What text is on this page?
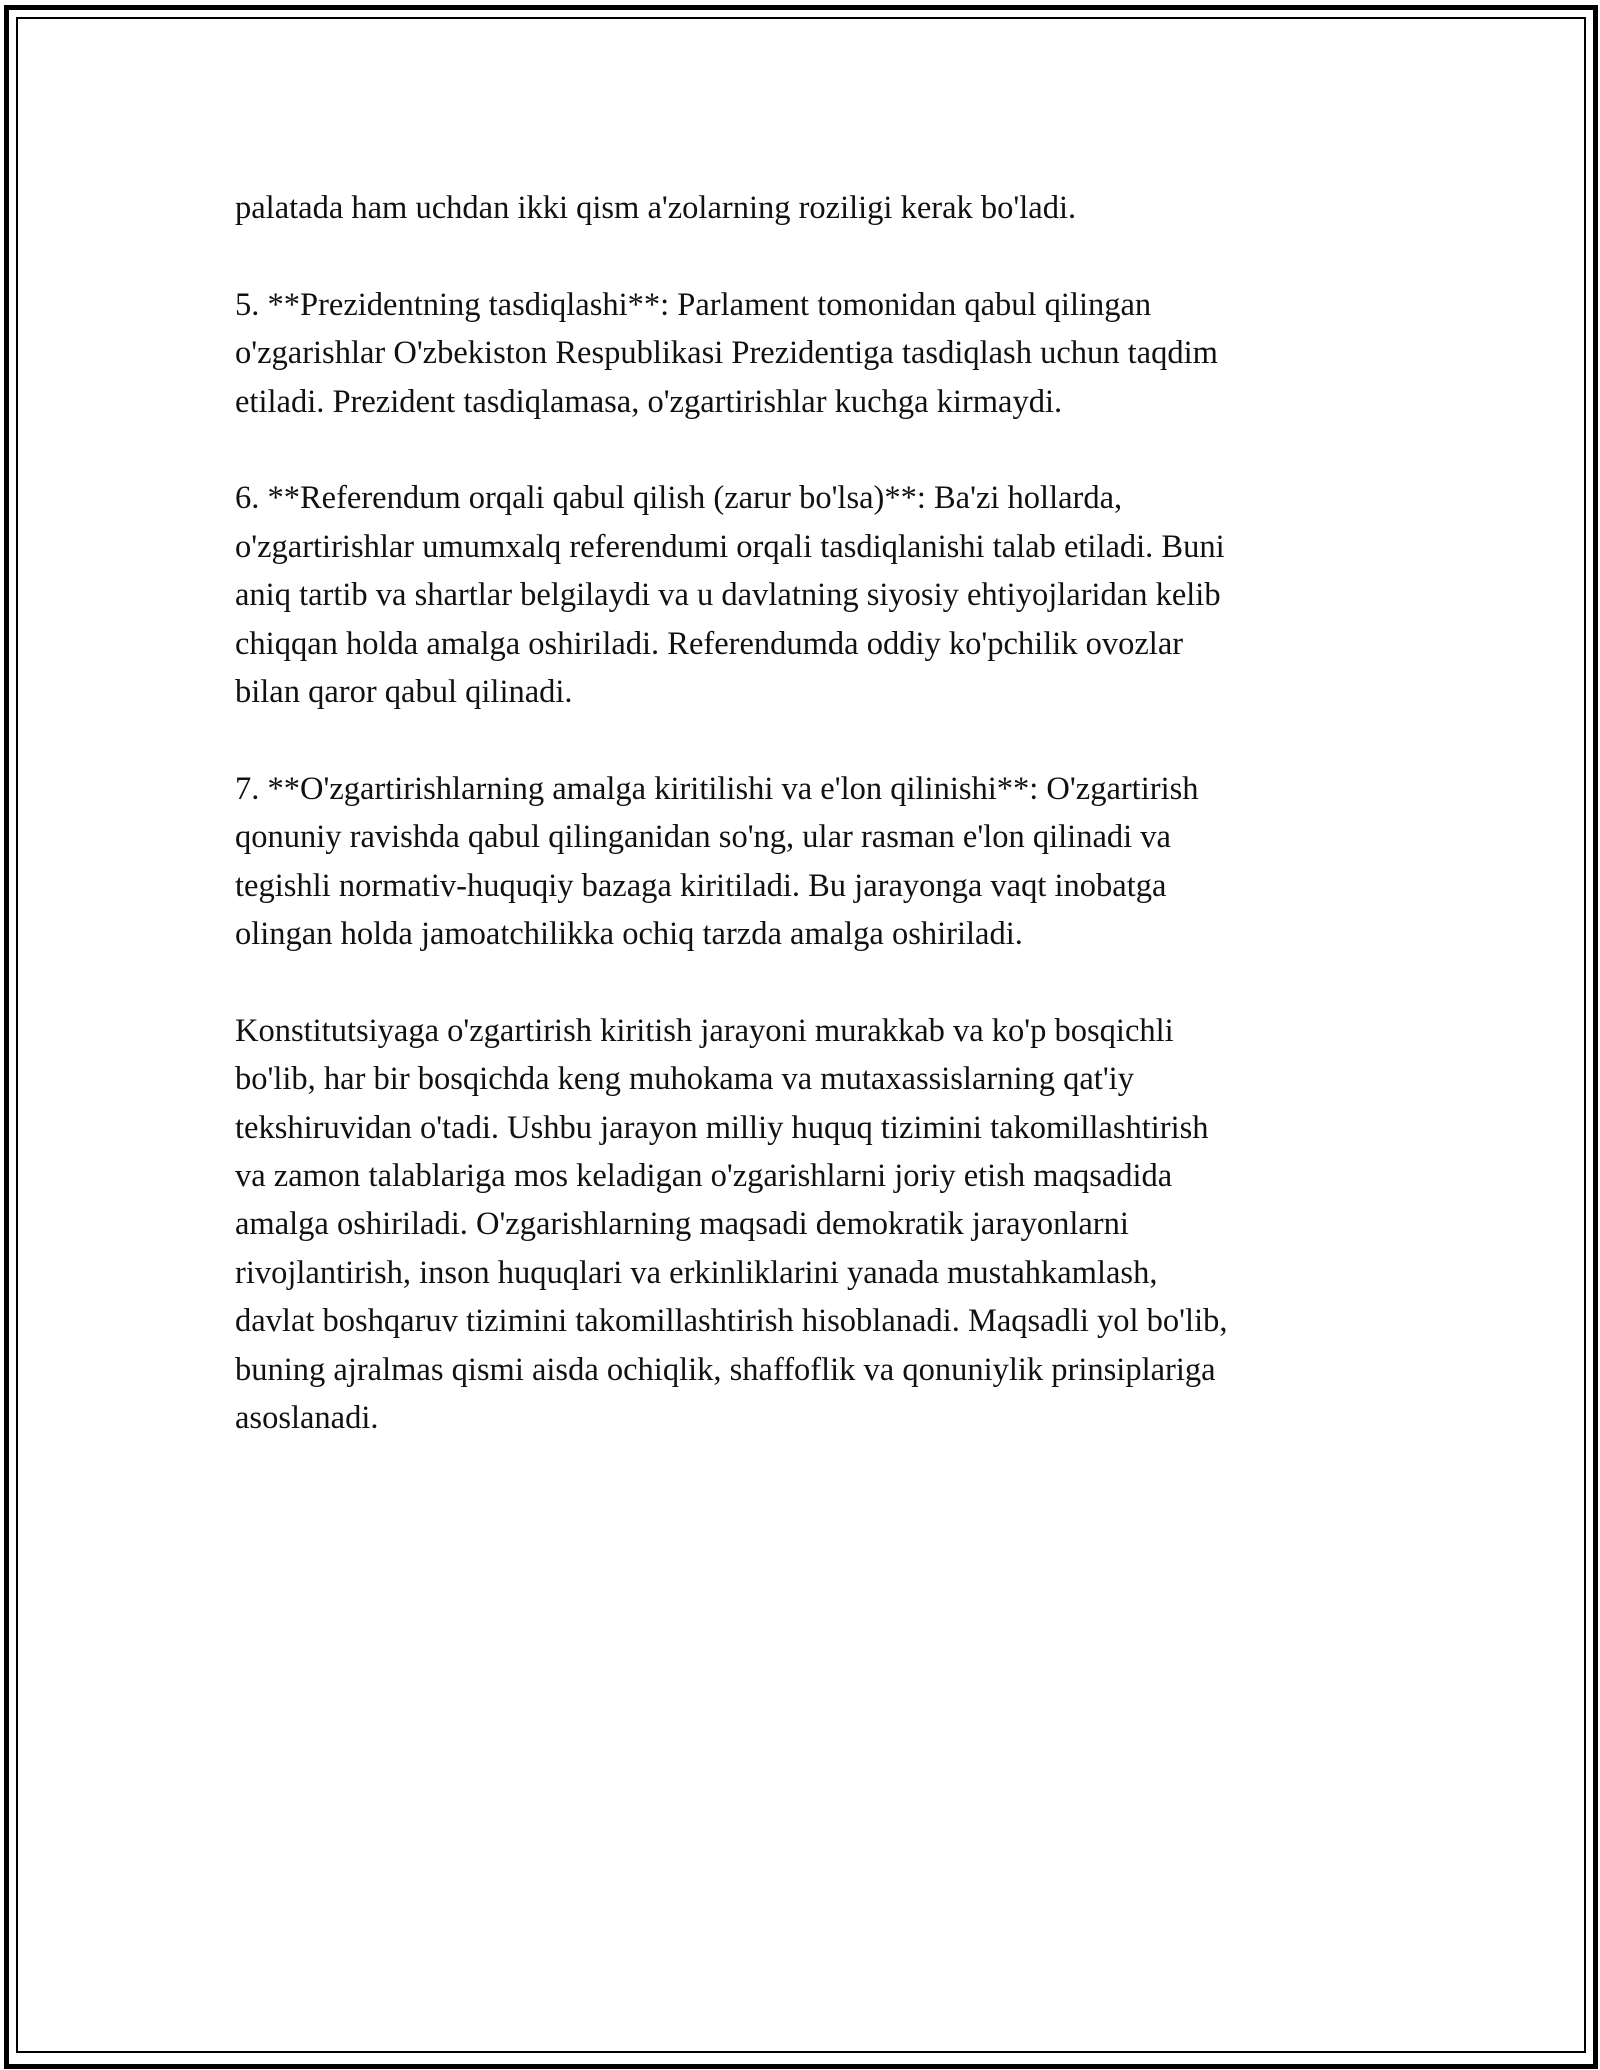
palatada ham uchdan ikki qism a'zolarning roziligi kerak bo'ladi.

5. **Prezidentning tasdiqlashi**: Parlament tomonidan qabul qilingan
o'zgarishlar O'zbekiston Respublikasi Prezidentiga tasdiqlash uchun taqdim
etiladi. Prezident tasdiqlamasa, o'zgartirishlar kuchga kirmaydi.

6. **Referendum orqali qabul qilish (zarur bo'lsa)**: Ba'zi hollarda,
o'zgartirishlar umumxalq referendumi orqali tasdiqlanishi talab etiladi. Buni
aniq tartib va shartlar belgilaydi va u davlatning siyosiy ehtiyojlaridan kelib
chiqqan holda amalga oshiriladi. Referendumda oddiy ko'pchilik ovozlar
bilan qaror qabul qilinadi.

7. **O'zgartirishlarning amalga kiritilishi va e'lon qilinishi**: O'zgartirish
qonuniy ravishda qabul qilinganidan so'ng, ular rasman e'lon qilinadi va
tegishli normativ-huquqiy bazaga kiritiladi. Bu jarayonga vaqt inobatga
olingan holda jamoatchilikka ochiq tarzda amalga oshiriladi.

Konstitutsiyaga o'zgartirish kiritish jarayoni murakkab va ko'p bosqichli
bo'lib, har bir bosqichda keng muhokama va mutaxassislarning qat'iy
tekshiruvidan o'tadi. Ushbu jarayon milliy huquq tizimini takomillashtirish
va zamon talablariga mos keladigan o'zgarishlarni joriy etish maqsadida
amalga oshiriladi. O'zgarishlarning maqsadi demokratik jarayonlarni
rivojlantirish, inson huquqlari va erkinliklarini yanada mustahkamlash,
davlat boshqaruv tizimini takomillashtirish hisoblanadi. Maqsadli yol bo'lib,
buning ajralmas qismi aisda ochiqlik, shaffoflik va qonuniylik prinsiplariga
asoslanadi.
